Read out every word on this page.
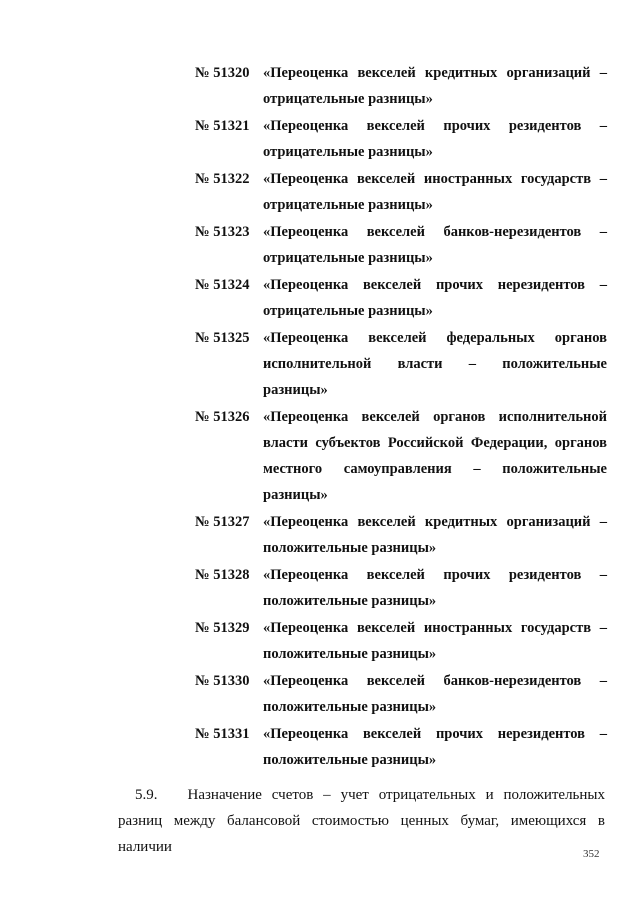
№ 51320 «Переоценка векселей кредитных организаций – отрицательные разницы»
№ 51321 «Переоценка векселей прочих резидентов – отрицательные разницы»
№ 51322 «Переоценка векселей иностранных государств – отрицательные разницы»
№ 51323 «Переоценка векселей банков-нерезидентов – отрицательные разницы»
№ 51324 «Переоценка векселей прочих нерезидентов – отрицательные разницы»
№ 51325 «Переоценка векселей федеральных органов исполнительной власти – положительные разницы»
№ 51326 «Переоценка векселей органов исполнительной власти субъектов Российской Федерации, органов местного самоуправления – положительные разницы»
№ 51327 «Переоценка векселей кредитных организаций – положительные разницы»
№ 51328 «Переоценка векселей прочих резидентов – положительные разницы»
№ 51329 «Переоценка векселей иностранных государств – положительные разницы»
№ 51330 «Переоценка векселей банков-нерезидентов – положительные разницы»
№ 51331 «Переоценка векселей прочих нерезидентов – положительные разницы»
5.9. Назначение счетов – учет отрицательных и положительных разниц между балансовой стоимостью ценных бумаг, имеющихся в наличии	352
